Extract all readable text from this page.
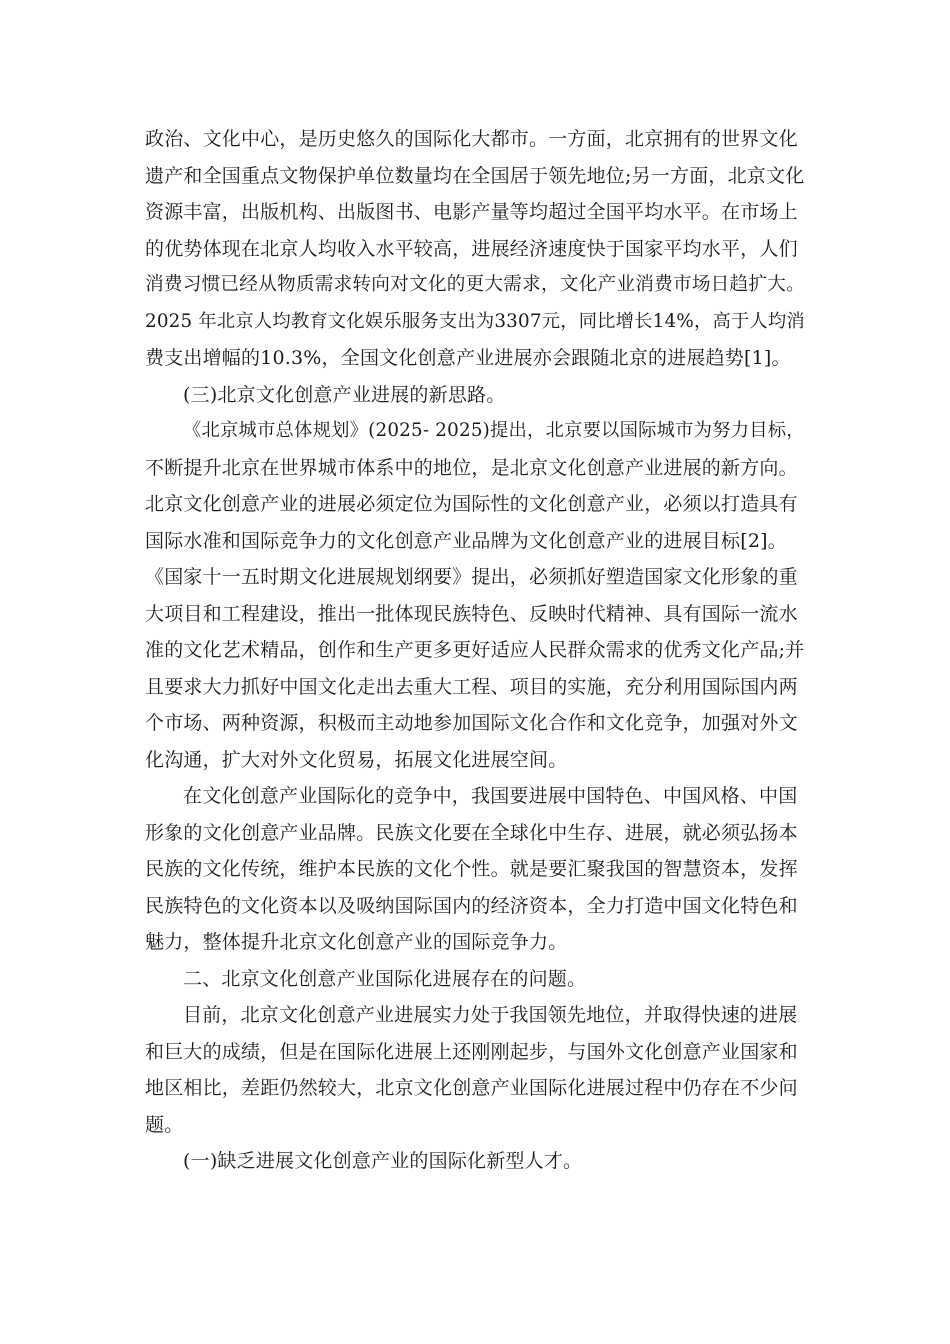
政治、文化中心，是历史悠久的国际化大都市。一方面，北京拥有的世界文化
遗产和全国重点文物保护单位数量均在全国居于领先地位;另一方面，北京文化
资源丰富，出版机构、出版图书、电影产量等均超过全国平均水平。在市场上
的优势体现在北京人均收入水平较高，进展经济速度快于国家平均水平，人们
消费习惯已经从物质需求转向对文化的更大需求，文化产业消费市场日趋扩大。
2025 年北京人均教育文化娱乐服务支出为3307元，同比增长14%，高于人均消
费支出增幅的10.3%，全国文化创意产业进展亦会跟随北京的进展趋势[1]。
(三)北京文化创意产业进展的新思路。
《北京城市总体规划》(2025- 2025)提出，北京要以国际城市为努力目标，
不断提升北京在世界城市体系中的地位，是北京文化创意产业进展的新方向。
北京文化创意产业的进展必须定位为国际性的文化创意产业，必须以打造具有
国际水准和国际竞争力的文化创意产业品牌为文化创意产业的进展目标[2]。
《国家十一五时期文化进展规划纲要》提出，必须抓好塑造国家文化形象的重
大项目和工程建设，推出一批体现民族特色、反映时代精神、具有国际一流水
准的文化艺术精品，创作和生产更多更好适应人民群众需求的优秀文化产品;并
且要求大力抓好中国文化走出去重大工程、项目的实施，充分利用国际国内两
个市场、两种资源，积极而主动地参加国际文化合作和文化竞争，加强对外文
化沟通，扩大对外文化贸易，拓展文化进展空间。
在文化创意产业国际化的竞争中，我国要进展中国特色、中国风格、中国
形象的文化创意产业品牌。民族文化要在全球化中生存、进展，就必须弘扬本
民族的文化传统，维护本民族的文化个性。就是要汇聚我国的智慧资本，发挥
民族特色的文化资本以及吸纳国际国内的经济资本，全力打造中国文化特色和
魅力，整体提升北京文化创意产业的国际竞争力。
二、北京文化创意产业国际化进展存在的问题。
目前，北京文化创意产业进展实力处于我国领先地位，并取得快速的进展
和巨大的成绩，但是在国际化进展上还刚刚起步，与国外文化创意产业国家和
地区相比，差距仍然较大，北京文化创意产业国际化进展过程中仍存在不少问
题。
(一)缺乏进展文化创意产业的国际化新型人才。
